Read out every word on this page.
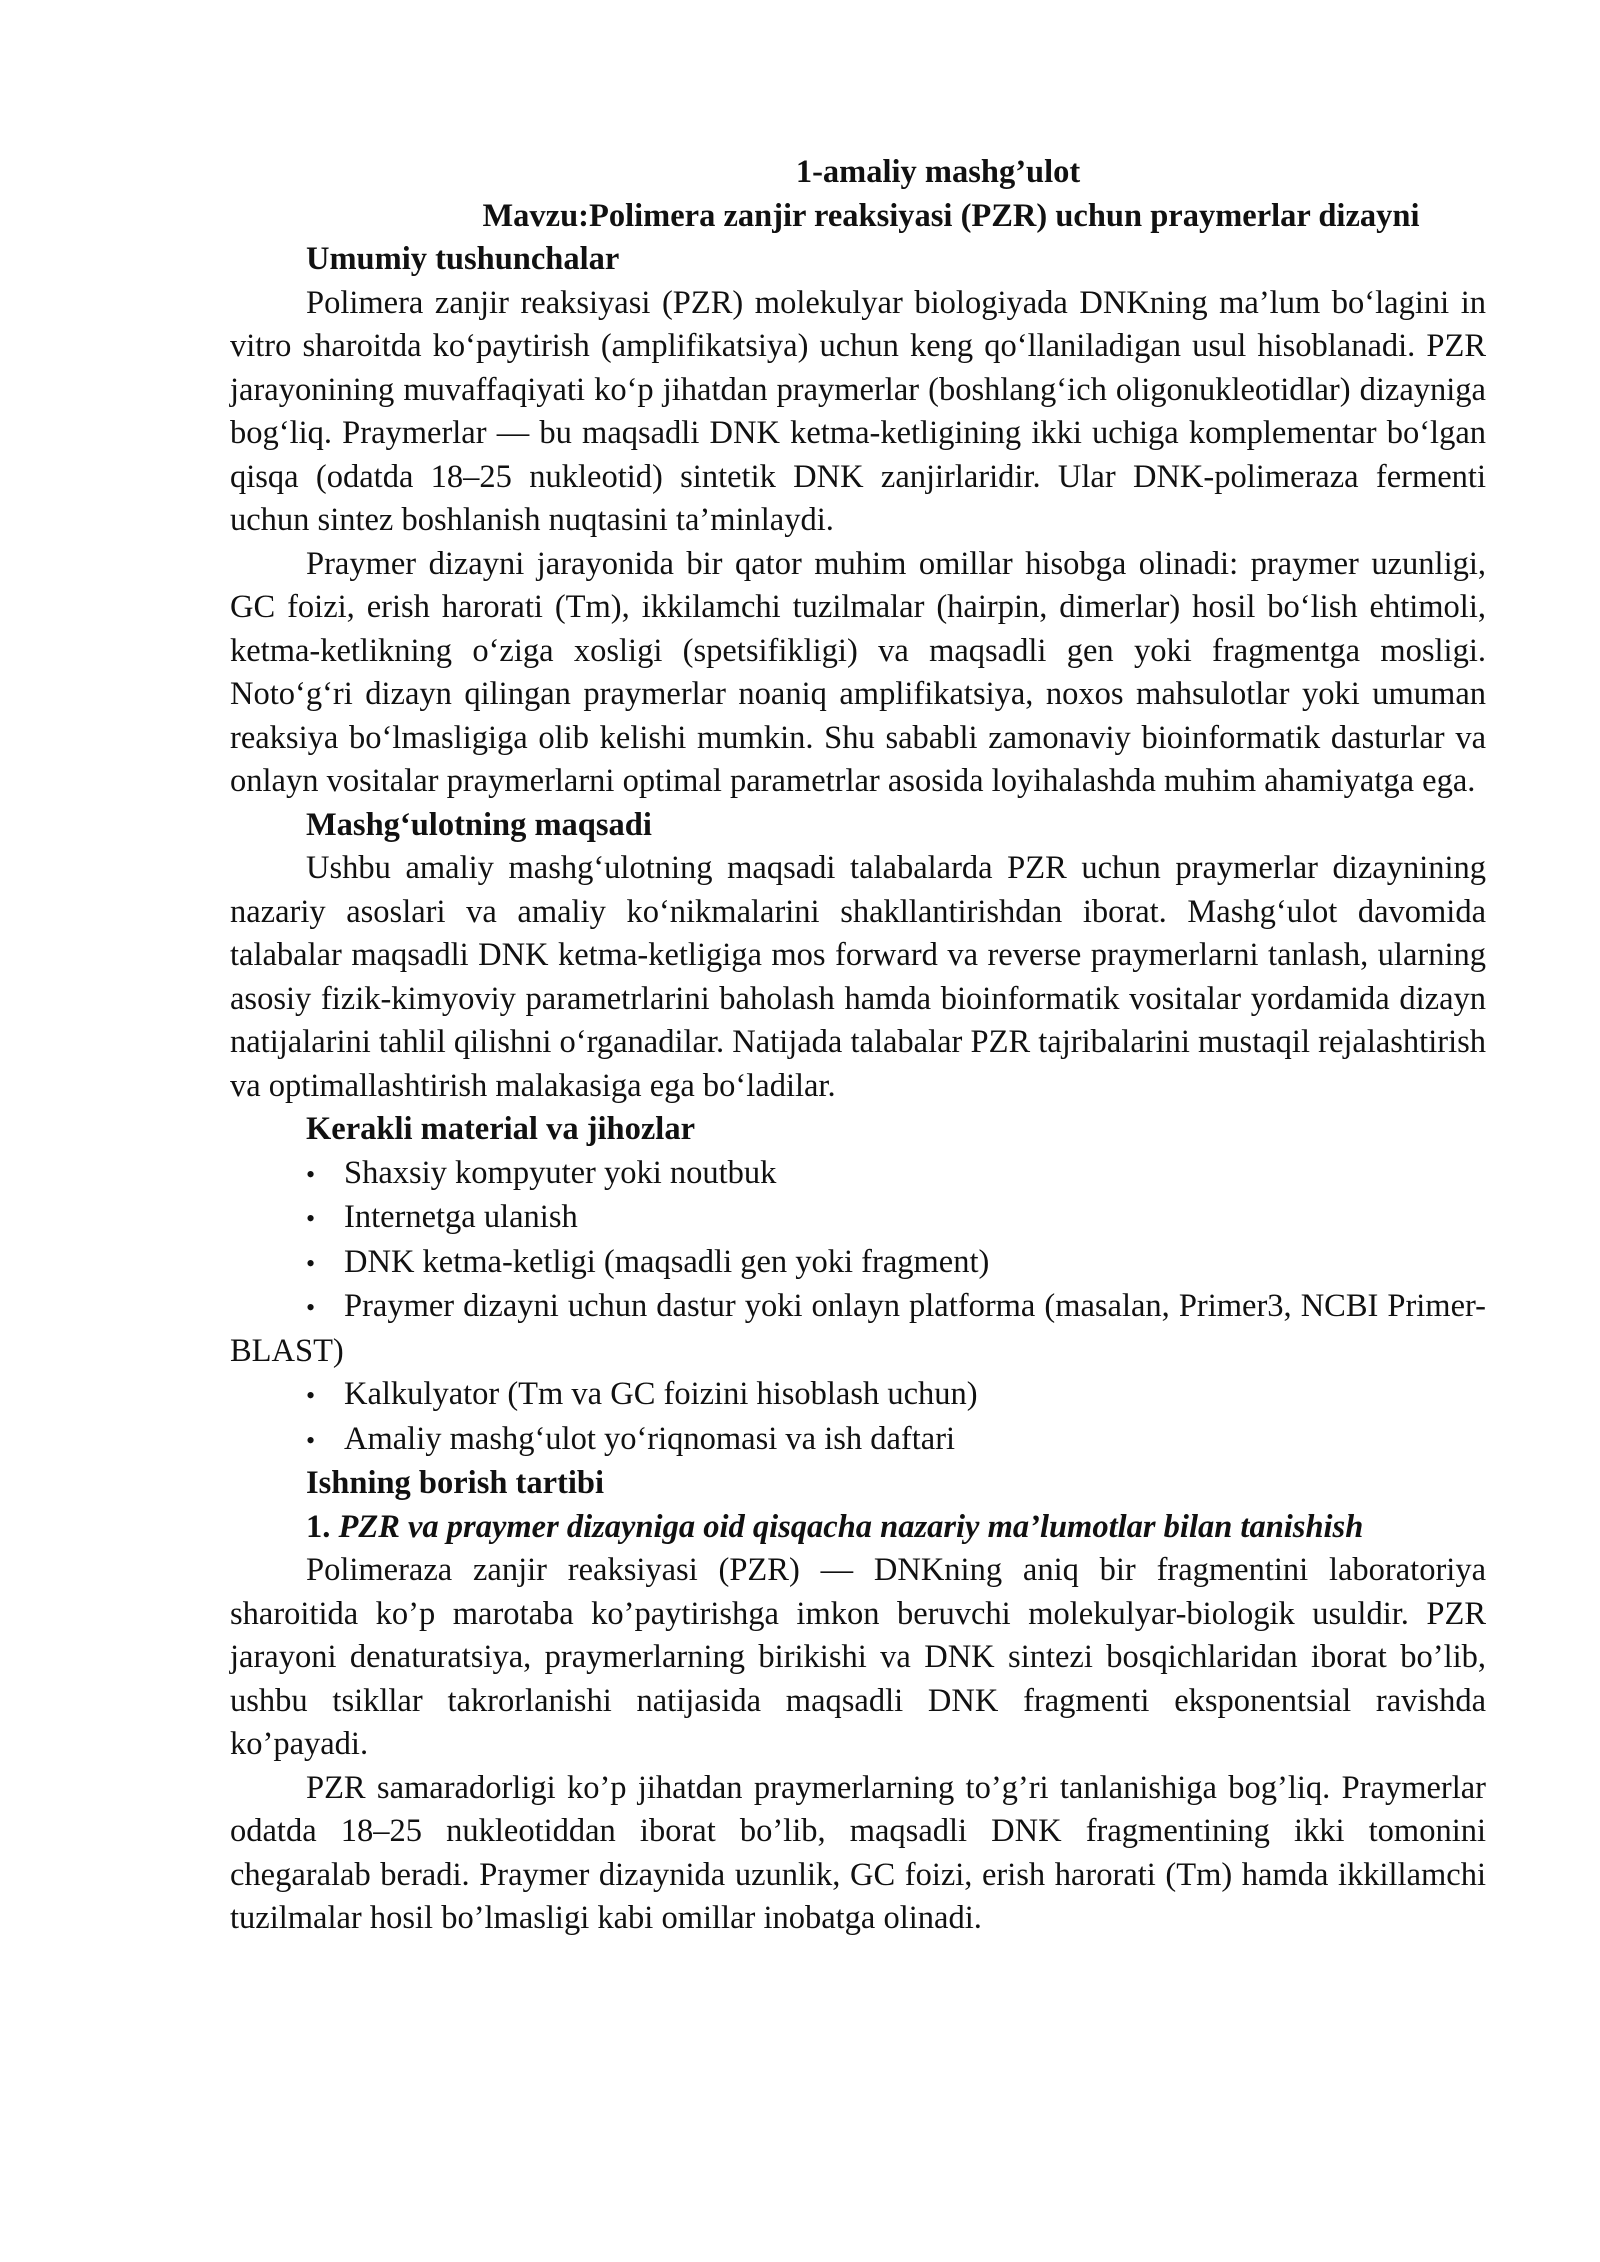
1-amaliy mashg’ulot

Mavzu:Polimera zanjir reaksiyasi (PZR) uchun praymerlar dizayni

Umumiy tushunchalar

Polimera zanjir reaksiyasi (PZR) molekulyar biologiyada DNKning ma’lum bo‘lagini in vitro sharoitda ko‘paytirish (amplifikatsiya) uchun keng qo‘llaniladigan usul hisoblanadi. PZR jarayonining muvaffaqiyati ko‘p jihatdan praymerlar (boshlang‘ich oligonukleotidlar) dizayniga bog‘liq. Praymerlar — bu maqsadli DNK ketma-ketligining ikki uchiga komplementar bo‘lgan qisqa (odatda 18–25 nukleotid) sintetik DNK zanjirlaridir. Ular DNK-polimeraza fermenti uchun sintez boshlanish nuqtasini ta’minlaydi.

Praymer dizayni jarayonida bir qator muhim omillar hisobga olinadi: praymer uzunligi, GC foizi, erish harorati (Tm), ikkilamchi tuzilmalar (hairpin, dimerlar) hosil bo‘lish ehtimoli, ketma-ketlikning o‘ziga xosligi (spetsifikligi) va maqsadli gen yoki fragmentga mosligi. Noto‘g‘ri dizayn qilingan praymerlar noaniq amplifikatsiya, noxos mahsulotlar yoki umuman reaksiya bo‘lmasligiga olib kelishi mumkin. Shu sababli zamonaviy bioinformatik dasturlar va onlayn vositalar praymerlarni optimal parametrlar asosida loyihalashda muhim ahamiyatga ega.

Mashg‘ulotning maqsadi

Ushbu amaliy mashg‘ulotning maqsadi talabalarda PZR uchun praymerlar dizaynining nazariy asoslari va amaliy ko‘nikmalarini shakllantirishdan iborat. Mashg‘ulot davomida talabalar maqsadli DNK ketma-ketligiga mos forward va reverse praymerlarni tanlash, ularning asosiy fizik-kimyoviy parametrlarini baholash hamda bioinformatik vositalar yordamida dizayn natijalarini tahlil qilishni o‘rganadilar. Natijada talabalar PZR tajribalarini mustaqil rejalashtirish va optimallashtirish malakasiga ega bo‘ladilar.

Kerakli material va jihozlar

• Shaxsiy kompyuter yoki noutbuk
• Internetga ulanish
• DNK ketma-ketligi (maqsadli gen yoki fragment)
• Praymer dizayni uchun dastur yoki onlayn platforma (masalan, Primer3, NCBI Primer-BLAST)
• Kalkulyator (Tm va GC foizini hisoblash uchun)
• Amaliy mashg‘ulot yo‘riqnomasi va ish daftari

Ishning borish tartibi

1. PZR va praymer dizayniga oid qisqacha nazariy ma’lumotlar bilan tanishish

Polimeraza zanjir reaksiyasi (PZR) — DNKning aniq bir fragmentini laboratoriya sharoitida ko’p marotaba ko’paytirishga imkon beruvchi molekulyar-biologik usuldir. PZR jarayoni denaturatsiya, praymerlarning birikishi va DNK sintezi bosqichlaridan iborat bo’lib, ushbu tsikllar takrorlanishi natijasida maqsadli DNK fragmenti eksponentsial ravishda ko’payadi.

PZR samaradorligi ko’p jihatdan praymerlarning to’g’ri tanlanishiga bog’liq. Praymerlar odatda 18–25 nukleotiddan iborat bo’lib, maqsadli DNK fragmentining ikki tomonini chegaralab beradi. Praymer dizaynida uzunlik, GC foizi, erish harorati (Tm) hamda ikkillamchi tuzilmalar hosil bo’lmasligi kabi omillar inobatga olinadi.
